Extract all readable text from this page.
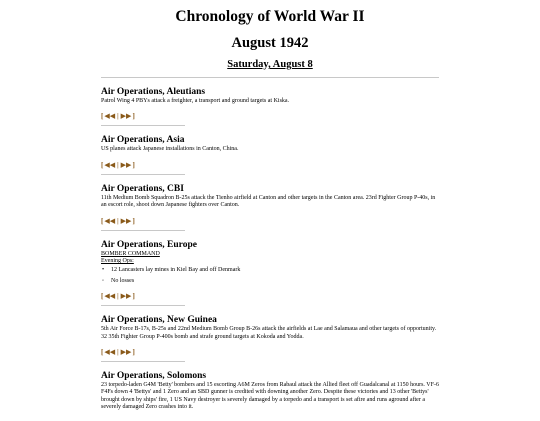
Chronology of World War II
August 1942
Saturday, August 8
Air Operations, Aleutians

Patrol Wing 4 PBYs attack a freighter, a transport and ground targets at Kiska.

[ ◀◀ | ▶▶ ]
Air Operations, Asia

US planes attack Japanese installations in Canton, China.

[ ◀◀ | ▶▶ ]
Air Operations, CBI

11th Medium Bomb Squadron B-25s attack the Tienho airfield at Canton and other targets in the Canton area. 23rd Fighter Group P-40s, in an escort role, shoot down Japanese fighters over Canton.

[ ◀◀ | ▶▶ ]
Air Operations, Europe

BOMBER COMMAND

Evening Ops:

• 12 Lancasters lay mines in Kiel Bay and off Denmark
◦ No losses
[ ◀◀ | ▶▶ ]
Air Operations, New Guinea

5th Air Force B-17s, B-25s and 22nd Medium Bomb Group B-26s attack the airfields at Lae and Salamaua and other targets of opportunity. 32 35th Fighter Group P-400s bomb and strafe ground targets at Kokoda and Yodda.

[ ◀◀ | ▶▶ ]
Air Operations, Solomons

23 torpedo-laden G4M 'Betty' bombers and 15 escorting A6M Zeros from Rabaul attack the Allied fleet off Guadalcanal at 1150 hours. VF-6 F4Fs down 4 'Bettys' and 1 Zero and an SBD gunner is credited with downing another Zero. Despite these victories and 13 other 'Bettys' brought down by ships' fire, 1 US Navy destroyer is severely damaged by a torpedo and a transport is set afire and runs aground after a severely damaged Zero crashes into it.
